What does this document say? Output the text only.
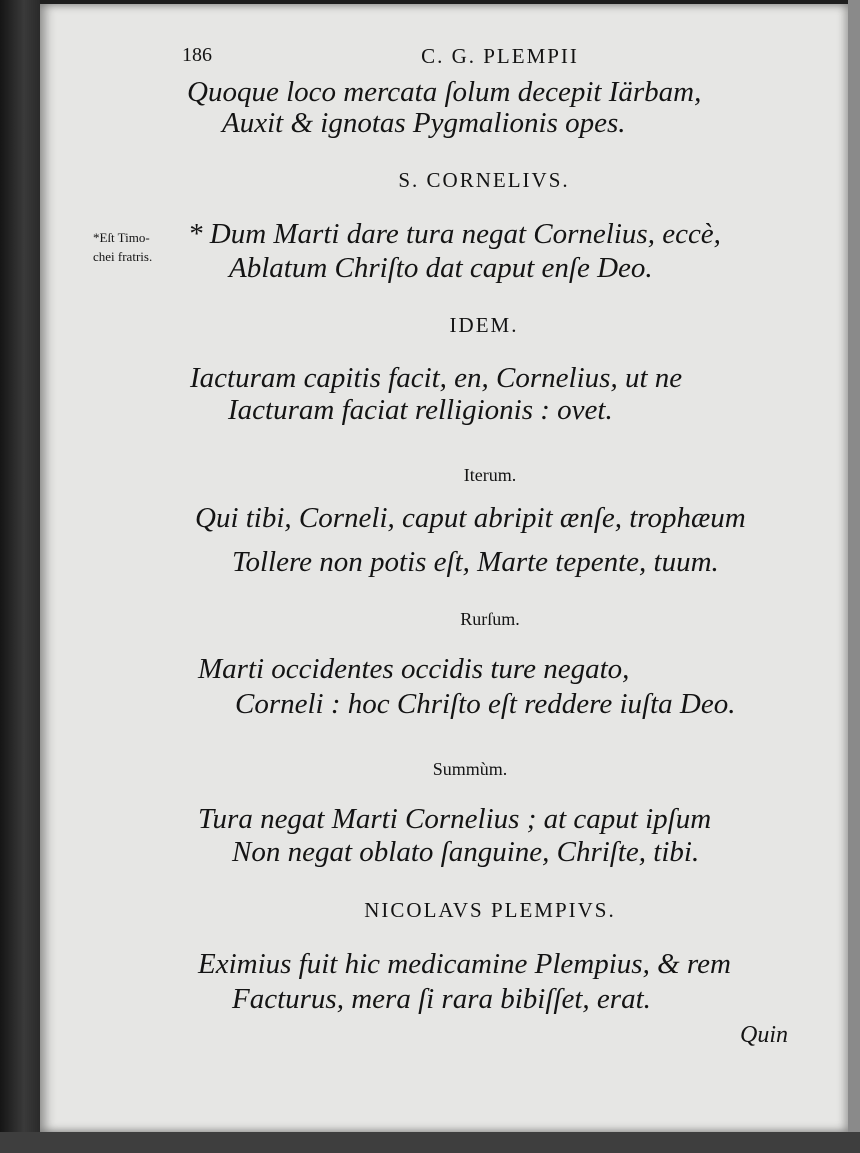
186	C. G. PLEMPII
Quoque loco mercata ſolum decepit Iärbam,
Auxit & ignotas Pygmalionis opes.
S. CORNELIVS.
*Eſt Timo-
chei fratris.
* Dum Marti dare tura negat Cornelius, eccè,
Ablatum Chriſto dat caput enſe Deo.
IDEM.
Iacturam capitis facit, en, Cornelius, ut ne
Iacturam faciat relligionis : ovet.
Iterum.
Qui tibi, Corneli, caput abripit ænſe, trophæum
Tollere non potis eſt, Marte tepente, tuum.
Rurſum.
Marti occidentes occidis ture negato,
Corneli : hoc Chriſto eſt reddere iuſta Deo.
Summùm.
Tura negat Marti Cornelius ; at caput ipſum
Non negat oblato ſanguine, Chriſte, tibi.
NICOLAVS PLEMPIVS.
Eximius fuit hic medicamine Plempius, & rem
Facturus, mera ſi rara bibiſſet, erat.
Quin
